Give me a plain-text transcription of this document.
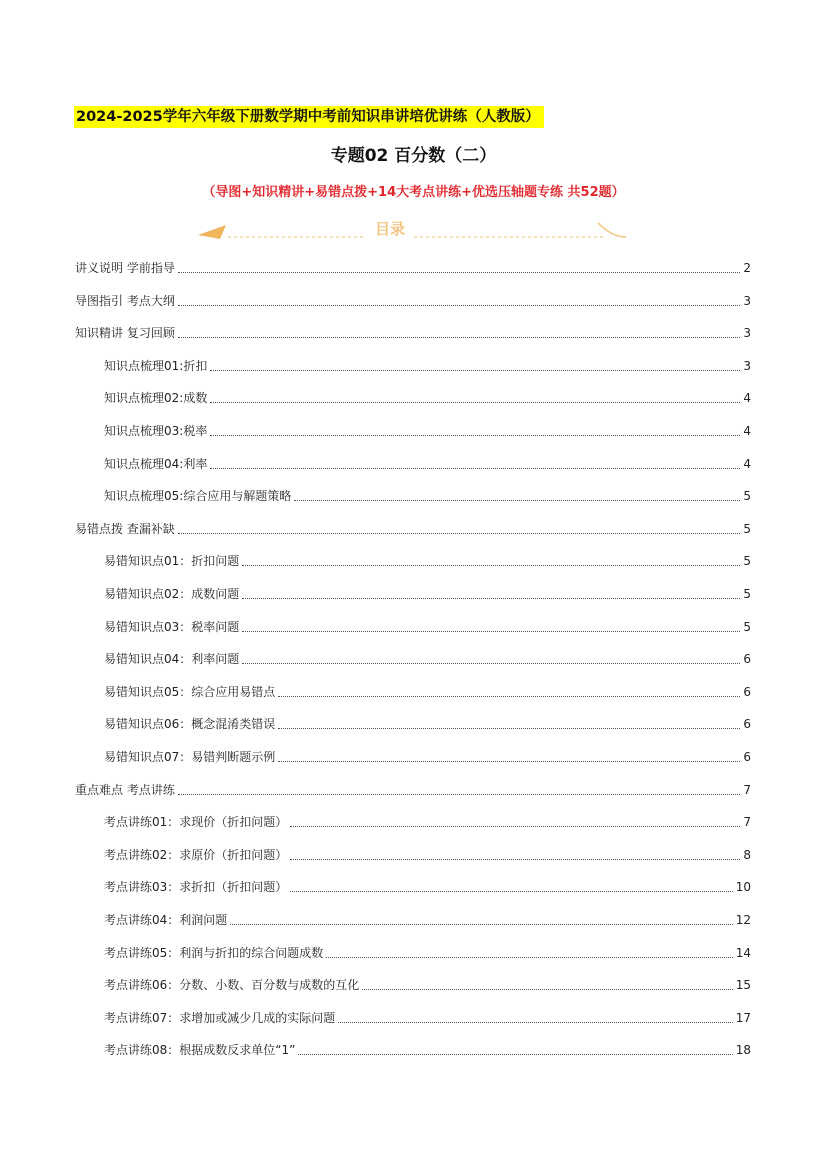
2024-2025学年六年级下册数学期中考前知识串讲培优讲练（人教版）
专题02 百分数（二）
（导图+知识精讲+易错点拨+14大考点讲练+优选压轴题专练 共52题）
目录
讲义说明 学前指导	2
导图指引 考点大纲	3
知识精讲 复习回顾	3
知识点梳理01:折扣	3
知识点梳理02:成数	4
知识点梳理03:税率	4
知识点梳理04:利率	4
知识点梳理05:综合应用与解题策略	5
易错点拨 查漏补缺	5
易错知识点01：折扣问题	5
易错知识点02：成数问题	5
易错知识点03：税率问题	5
易错知识点04：利率问题	6
易错知识点05：综合应用易错点	6
易错知识点06：概念混淆类错误	6
易错知识点07：易错判断题示例	6
重点难点 考点讲练	7
考点讲练01：求现价（折扣问题）	7
考点讲练02：求原价（折扣问题）	8
考点讲练03：求折扣（折扣问题）	10
考点讲练04：利润问题	12
考点讲练05：利润与折扣的综合问题成数	14
考点讲练06：分数、小数、百分数与成数的互化	15
考点讲练07：求增加或减少几成的实际问题	17
考点讲练08：根据成数反求单位“1”	18
